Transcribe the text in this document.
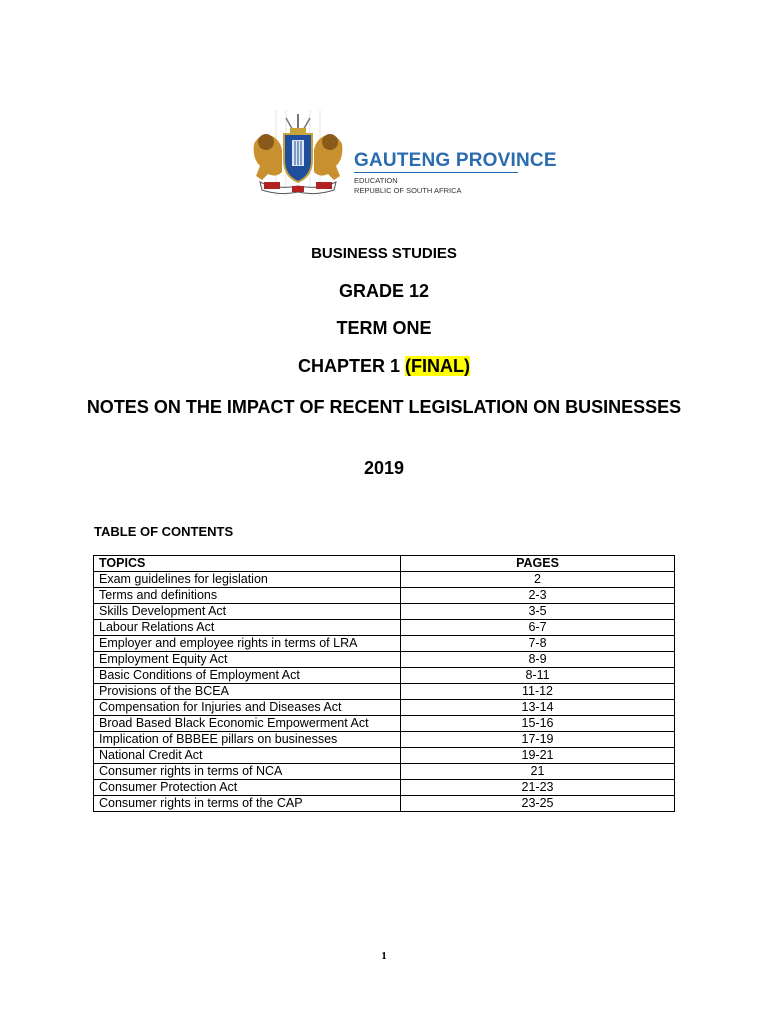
GAUTENG PROVINCE
EDUCATION
REPUBLIC OF SOUTH AFRICA
BUSINESS STUDIES
GRADE 12
TERM ONE
CHAPTER 1 (FINAL)
NOTES ON THE IMPACT OF RECENT LEGISLATION ON BUSINESSES
2019
TABLE OF CONTENTS
TOPICS	PAGES
Exam guidelines for legislation	2
Terms and definitions	2-3
Skills Development Act	3-5
Labour Relations Act	6-7
Employer and employee rights in terms of LRA	7-8
Employment Equity Act	8-9
Basic Conditions of Employment Act	8-11
Provisions of the BCEA	11-12
Compensation for Injuries and Diseases Act	13-14
Broad Based Black Economic Empowerment Act	15-16
Implication of BBBEE pillars on businesses	17-19
National Credit Act	19-21
Consumer rights in terms of NCA	21
Consumer Protection Act	21-23
Consumer rights in terms of the CAP	23-25
1
